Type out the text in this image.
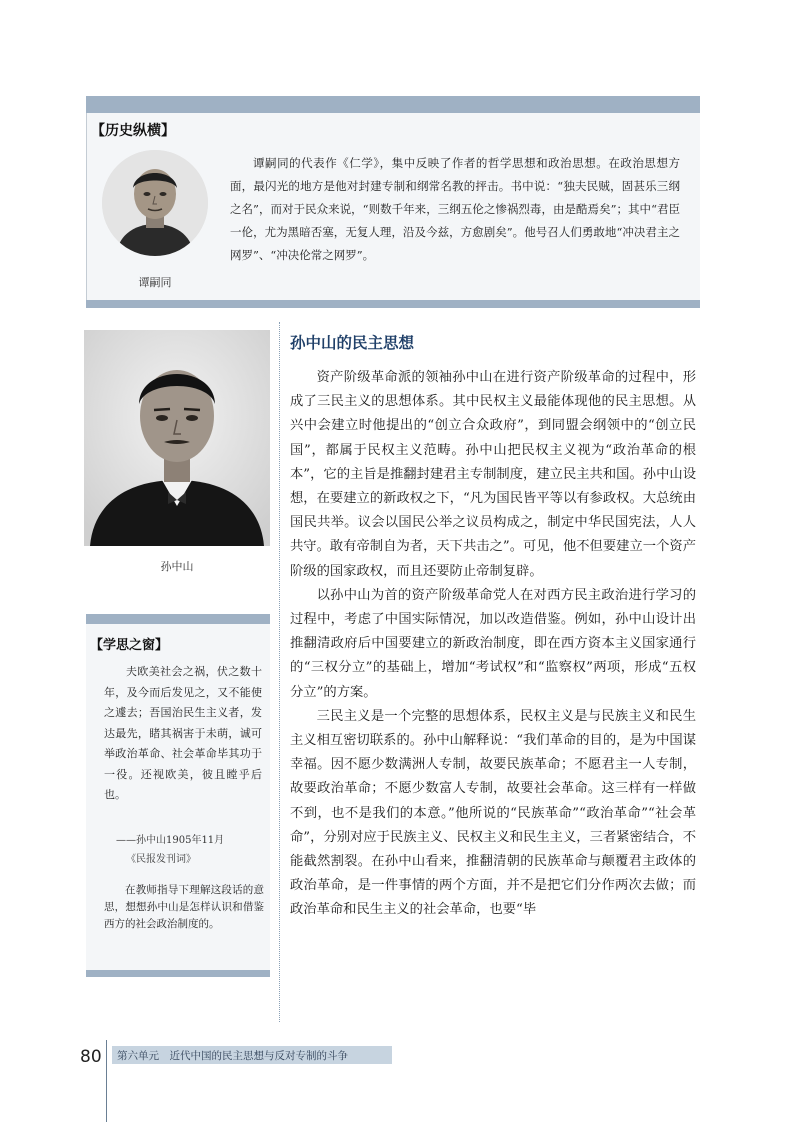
【历史纵横】
谭嗣同

谭嗣同的代表作《仁学》，集中反映了作者的哲学思想和政治思想。在政治思想方面，最闪光的地方是他对封建专制和纲常名教的抨击。书中说：“独夫民贼，固甚乐三纲之名”，而对于民众来说，“则数千年来，三纲五伦之惨祸烈毒，由是酷焉矣”；其中“君臣一伦，尤为黑暗否塞，无复人理，沿及今兹，方愈剧矣”。他号召人们勇敢地“冲决君主之网罗”、“冲决伦常之网罗”。

孙中山
【学思之窗】

夫欧美社会之祸，伏之数十年，及今而后发见之，又不能使之遽去；吾国治民生主义者，发达最先，睹其祸害于未萌，诚可举政治革命、社会革命毕其功于一役。还视欧美，彼且瞠乎后也。

——孙中山1905年11月
《民报发刊词》

在教师指导下理解这段话的意思，想想孙中山是怎样认识和借鉴西方的社会政治制度的。

孙中山的民主思想

资产阶级革命派的领袖孙中山在进行资产阶级革命的过程中，形成了三民主义的思想体系。其中民权主义最能体现他的民主思想。从兴中会建立时他提出的“创立合众政府”，到同盟会纲领中的“创立民国”，都属于民权主义范畴。孙中山把民权主义视为“政治革命的根本”，它的主旨是推翻封建君主专制制度，建立民主共和国。孙中山设想，在要建立的新政权之下，“凡为国民皆平等以有参政权。大总统由国民共举。议会以国民公举之议员构成之，制定中华民国宪法，人人共守。敢有帝制自为者，天下共击之”。可见，他不但要建立一个资产阶级的国家政权，而且还要防止帝制复辟。

以孙中山为首的资产阶级革命党人在对西方民主政治进行学习的过程中，考虑了中国实际情况，加以改造借鉴。例如，孙中山设计出推翻清政府后中国要建立的新政治制度，即在西方资本主义国家通行的“三权分立”的基础上，增加“考试权”和“监察权”两项，形成“五权分立”的方案。

三民主义是一个完整的思想体系，民权主义是与民族主义和民生主义相互密切联系的。孙中山解释说：“我们革命的目的，是为中国谋幸福。因不愿少数满洲人专制，故要民族革命；不愿君主一人专制，故要政治革命；不愿少数富人专制，故要社会革命。这三样有一样做不到，也不是我们的本意。”他所说的“民族革命”“政治革命”“社会革命”，分别对应于民族主义、民权主义和民生主义，三者紧密结合，不能截然割裂。在孙中山看来，推翻清朝的民族革命与颠覆君主政体的政治革命，是一件事情的两个方面，并不是把它们分作两次去做；而政治革命和民生主义的社会革命，也要“毕

80 第六单元　近代中国的民主思想与反对专制的斗争
